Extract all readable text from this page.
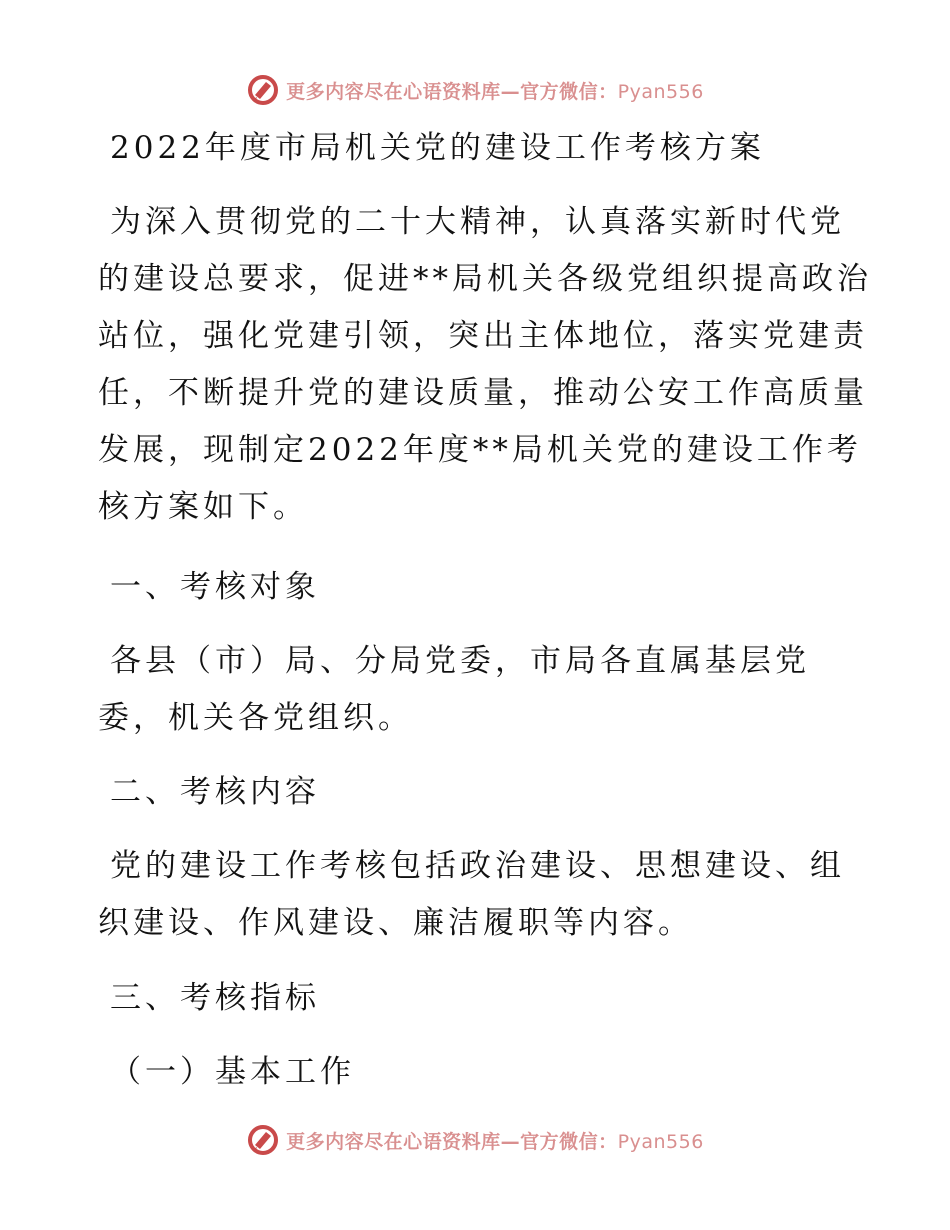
更多内容尽在心语资料库—官方微信：Pyan556
2022年度市局机关党的建设工作考核方案
为深入贯彻党的二十大精神，认真落实新时代党
的建设总要求，促进**局机关各级党组织提高政治
站位，强化党建引领，突出主体地位，落实党建责
任，不断提升党的建设质量，推动公安工作高质量
发展，现制定2022年度**局机关党的建设工作考
核方案如下。
一、考核对象
各县（市）局、分局党委，市局各直属基层党
委，机关各党组织。
二、考核内容
党的建设工作考核包括政治建设、思想建设、组
织建设、作风建设、廉洁履职等内容。
三、考核指标
（一）基本工作
更多内容尽在心语资料库—官方微信：Pyan556
